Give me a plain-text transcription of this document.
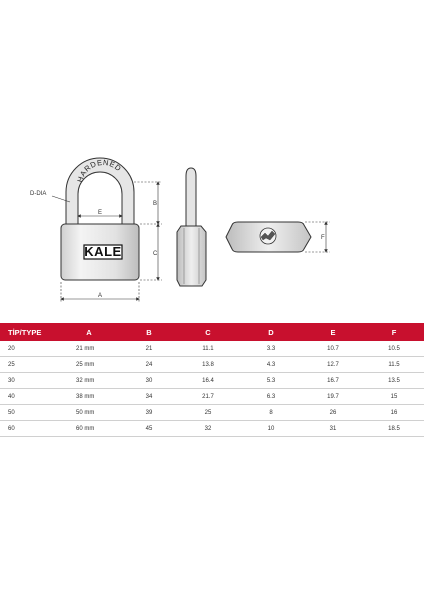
HARDENED
KALE
D-DIA
E
B
C
A
F
TİP/TYPE	A	B	C	D	E	F
20	21 mm	21	11.1	3.3	10.7	10.5
25	25 mm	24	13.8	4.3	12.7	11.5
30	32 mm	30	16.4	5.3	16.7	13.5
40	38 mm	34	21.7	6.3	19.7	15
50	50 mm	39	25	8	26	16
60	60 mm	45	32	10	31	18.5
